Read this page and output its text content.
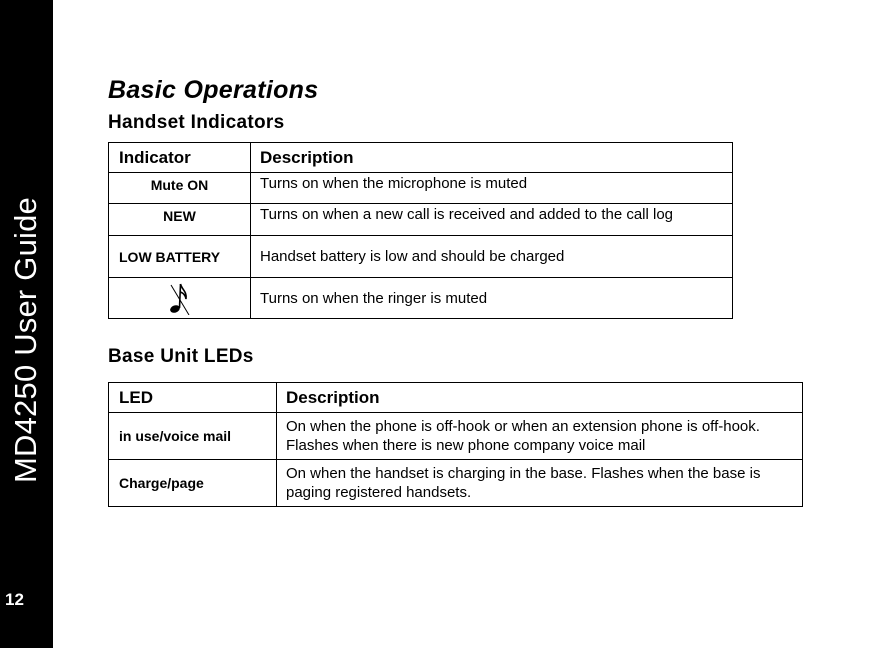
MD4250 User Guide
12
Basic Operations
Handset Indicators
Indicator	Description
Mute ON	Turns on when the microphone is muted
NEW	Turns on when a new call is received and added to the call log
LOW BATTERY	Handset battery is low and should be charged
	Turns on when the ringer is muted
Base Unit LEDs
LED	Description
in use/voice mail	On when the phone is off-hook or when an extension phone is off-hook. Flashes when there is new phone company voice mail
Charge/page	On when the handset is charging in the base. Flashes when the base is paging registered handsets.
